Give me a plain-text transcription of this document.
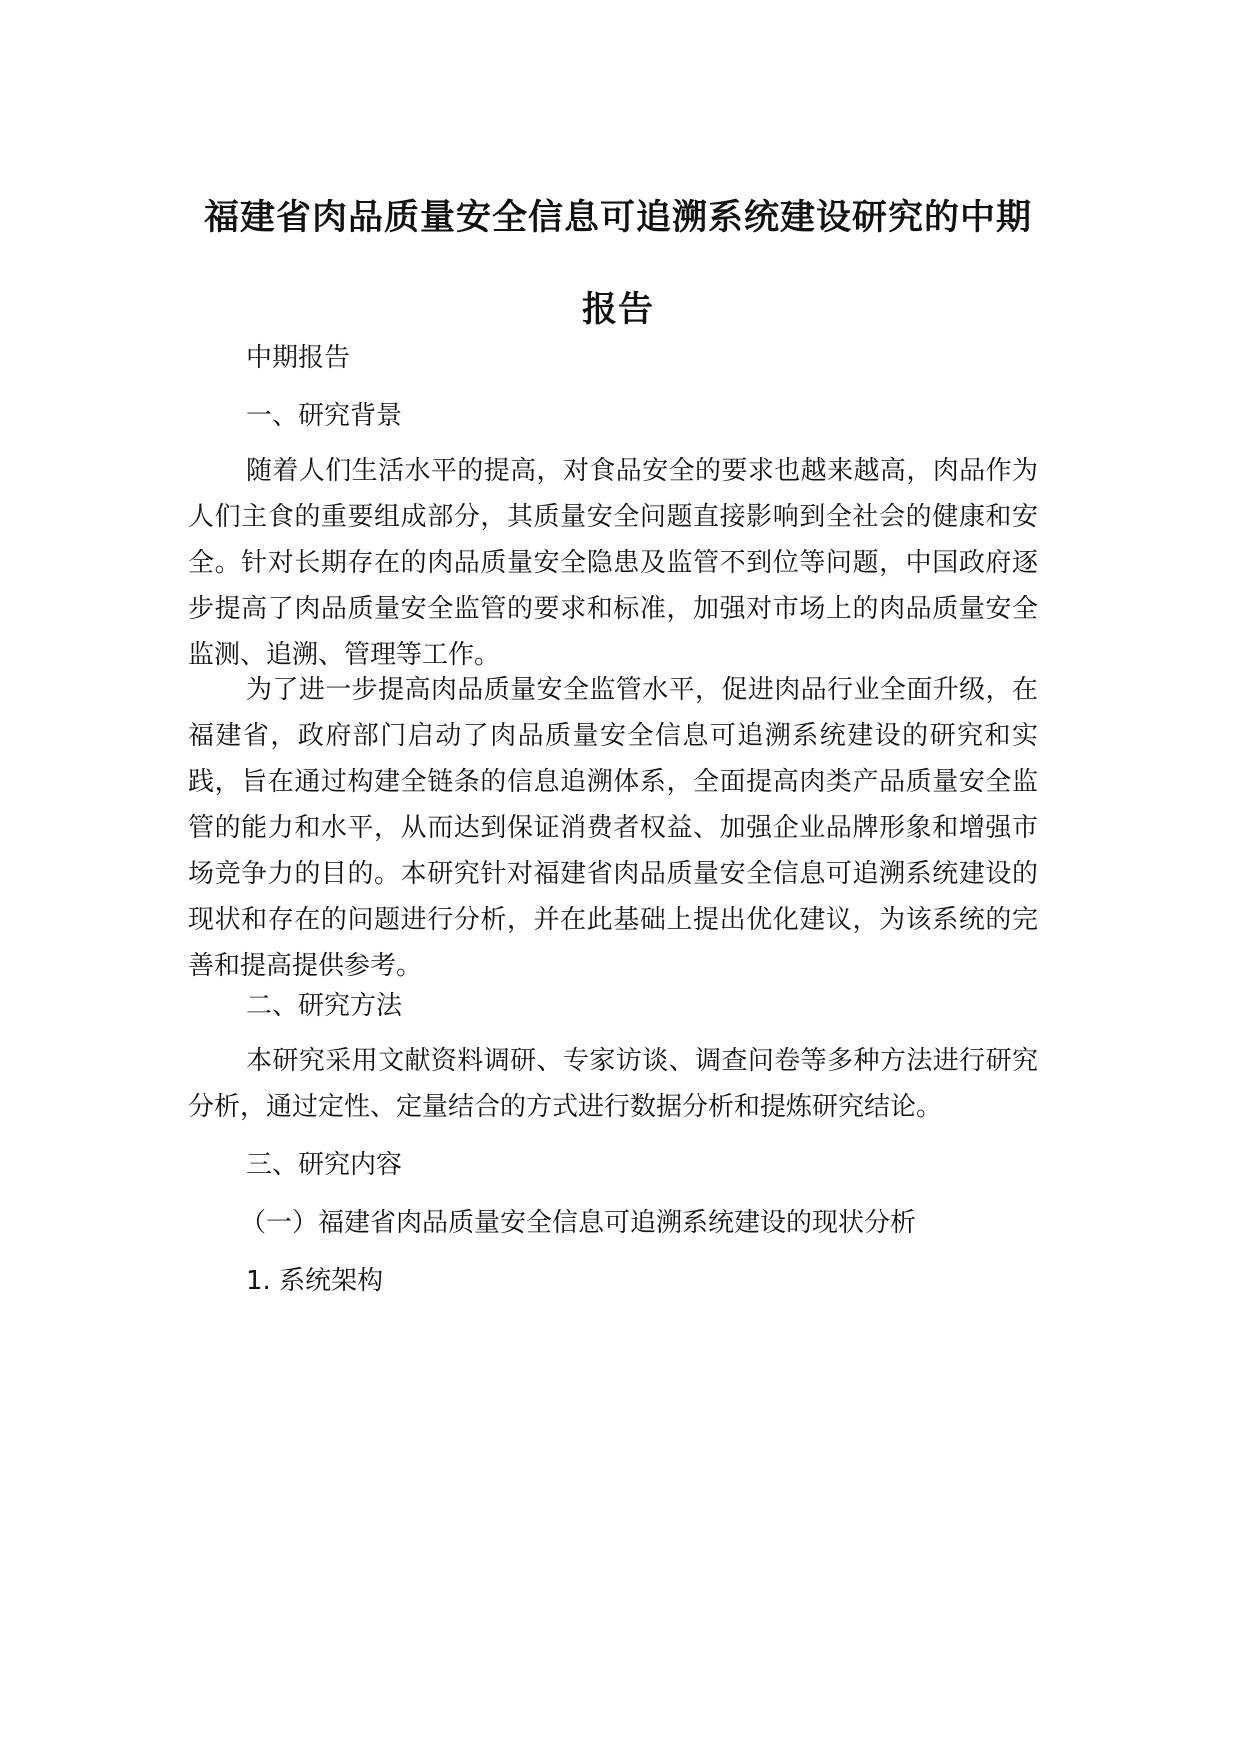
福建省肉品质量安全信息可追溯系统建设研究的中期报告
中期报告
一、研究背景
随着人们生活水平的提高，对食品安全的要求也越来越高，肉品作为人们主食的重要组成部分，其质量安全问题直接影响到全社会的健康和安全。针对长期存在的肉品质量安全隐患及监管不到位等问题，中国政府逐步提高了肉品质量安全监管的要求和标准，加强对市场上的肉品质量安全监测、追溯、管理等工作。
为了进一步提高肉品质量安全监管水平，促进肉品行业全面升级，在福建省，政府部门启动了肉品质量安全信息可追溯系统建设的研究和实践，旨在通过构建全链条的信息追溯体系，全面提高肉类产品质量安全监管的能力和水平，从而达到保证消费者权益、加强企业品牌形象和增强市场竞争力的目的。本研究针对福建省肉品质量安全信息可追溯系统建设的现状和存在的问题进行分析，并在此基础上提出优化建议，为该系统的完善和提高提供参考。
二、研究方法
本研究采用文献资料调研、专家访谈、调查问卷等多种方法进行研究分析，通过定性、定量结合的方式进行数据分析和提炼研究结论。
三、研究内容
（一）福建省肉品质量安全信息可追溯系统建设的现状分析
1. 系统架构
